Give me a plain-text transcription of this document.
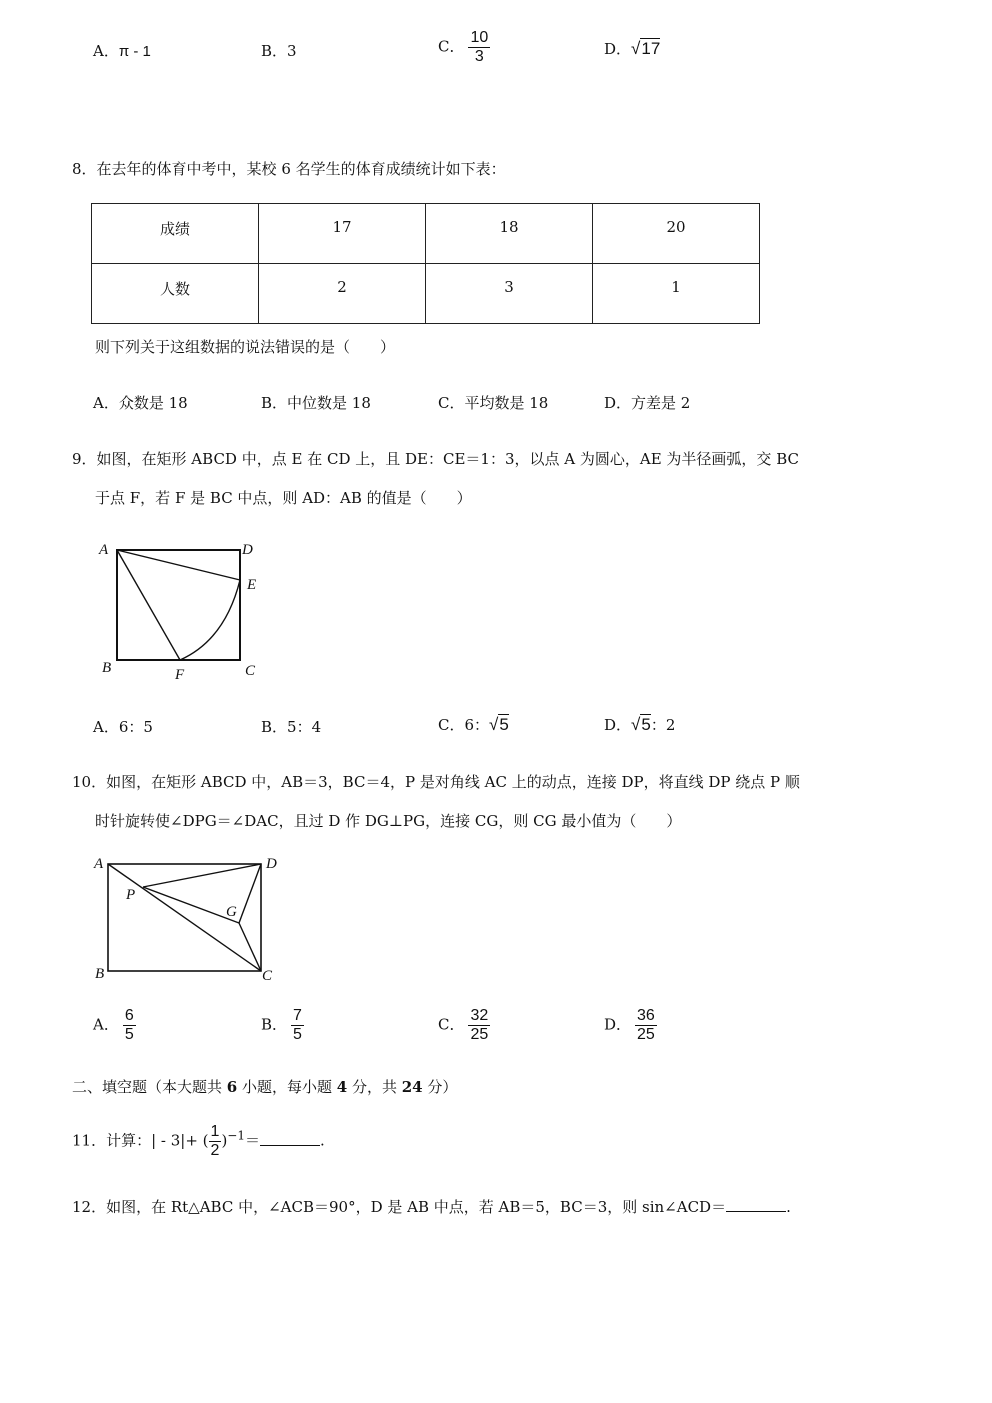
A．π - 1	B．3	C． $\frac{10}{3}$	D．√17
8．在去年的体育中考中，某校 6 名学生的体育成绩统计如下表：
成绩	17	18	20
人数	2	3	1
则下列关于这组数据的说法错误的是（　　）
A．众数是 18	B．中位数是 18	C．平均数是 18	D．方差是 2
9．如图，在矩形 ABCD 中，点 E 在 CD 上，且 DE：CE＝1：3，以点 A 为圆心，AE 为半径画弧，交 BC
于点 F，若 F 是 BC 中点，则 AD：AB 的值是（　　）
A	D
E
B	F	C
A．6：5	B．5：4	C．6：√5	D．√5：2
10．如图，在矩形 ABCD 中，AB＝3，BC＝4，P 是对角线 AC 上的动点，连接 DP，将直线 DP 绕点 P 顺
时针旋转使∠DPG＝∠DAC，且过 D 作 DG⊥PG，连接 CG，则 CG 最小值为（　　）
A	D
P
G
B	C
A． $\frac{6}{5}$	B． $\frac{7}{5}$	C． $\frac{32}{25}$	D． $\frac{36}{25}$
二、填空题（本大题共 6 小题，每小题 4 分，共 24 分）
11．计算：| - 3|+ ( $\frac{1}{2} )^{-1}=$	.
12．如图，在 Rt△ABC 中，∠ACB＝90°，D 是 AB 中点，若 AB＝5，BC＝3，则 sin∠ACD＝	.
